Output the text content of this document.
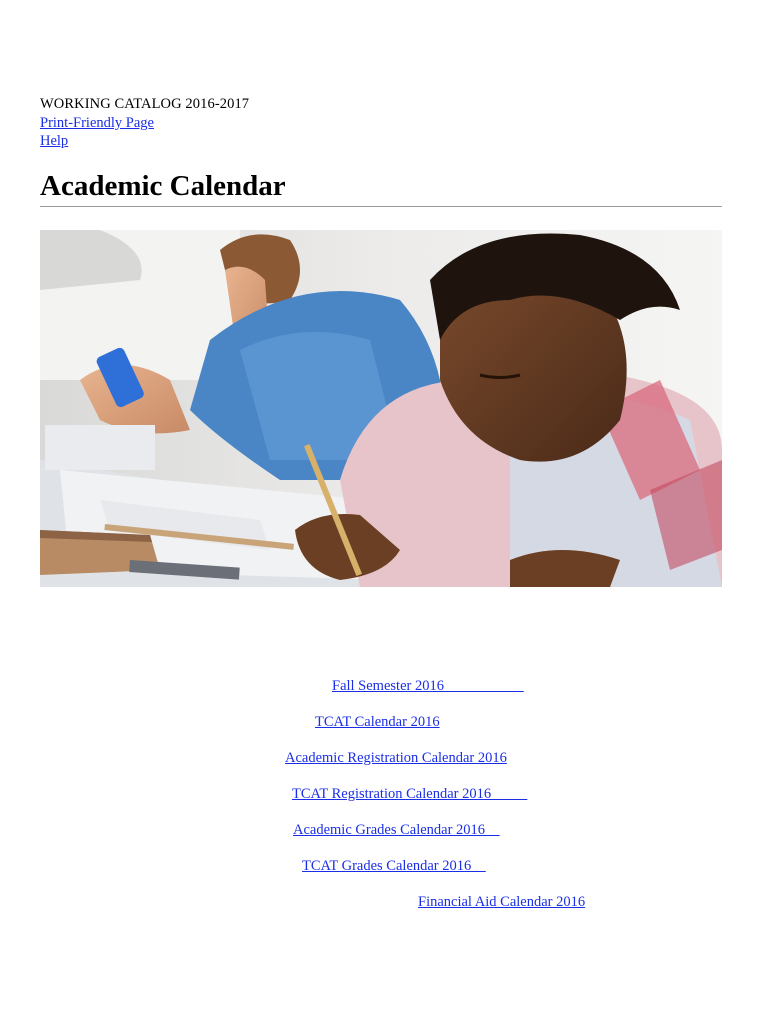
WORKING CATALOG 2016-2017
Print-Friendly Page
Help
Academic Calendar
Fall Semester 2016
TCAT Calendar 2016
Academic Registration Calendar 2016
TCAT Registration Calendar 2016
Academic Grades Calendar 2016
TCAT Grades Calendar 2016
Financial Aid Calendar 2016
